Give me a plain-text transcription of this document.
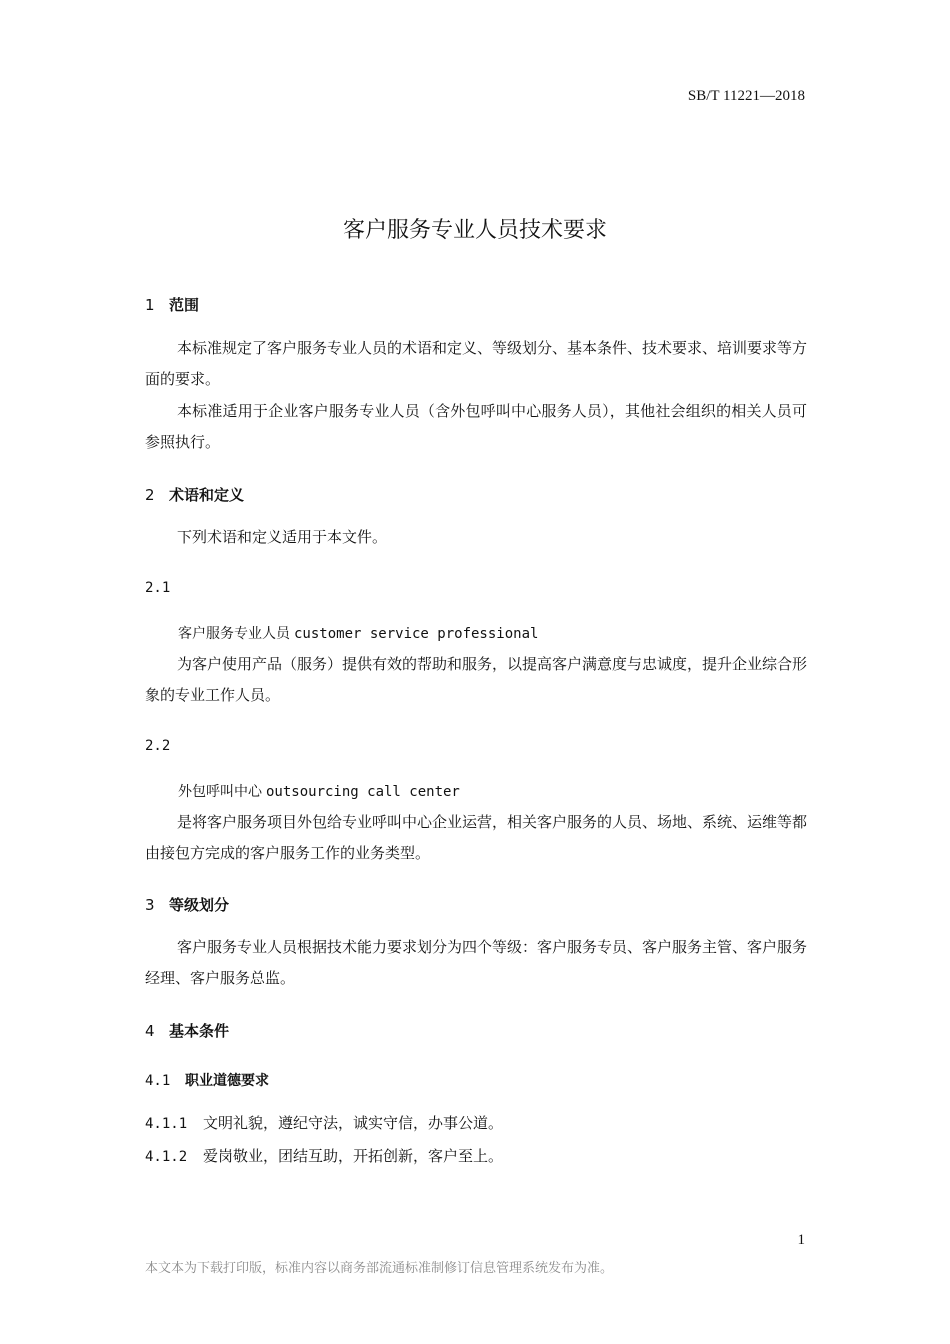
SB/T 11221—2018
客户服务专业人员技术要求
1 范围
本标准规定了客户服务专业人员的术语和定义、等级划分、基本条件、技术要求、培训要求等方面的要求。
本标准适用于企业客户服务专业人员（含外包呼叫中心服务人员），其他社会组织的相关人员可参照执行。
2 术语和定义
下列术语和定义适用于本文件。
2.1
客户服务专业人员 customer service professional
为客户使用产品（服务）提供有效的帮助和服务，以提高客户满意度与忠诚度，提升企业综合形象的专业工作人员。
2.2
外包呼叫中心 outsourcing call center
是将客户服务项目外包给专业呼叫中心企业运营，相关客户服务的人员、场地、系统、运维等都由接包方完成的客户服务工作的业务类型。
3 等级划分
客户服务专业人员根据技术能力要求划分为四个等级：客户服务专员、客户服务主管、客户服务经理、客户服务总监。
4 基本条件
4.1 职业道德要求
4.1.1 文明礼貌，遵纪守法，诚实守信，办事公道。
4.1.2 爱岗敬业，团结互助，开拓创新，客户至上。
1
本文本为下载打印版，标准内容以商务部流通标准制修订信息管理系统发布为准。
